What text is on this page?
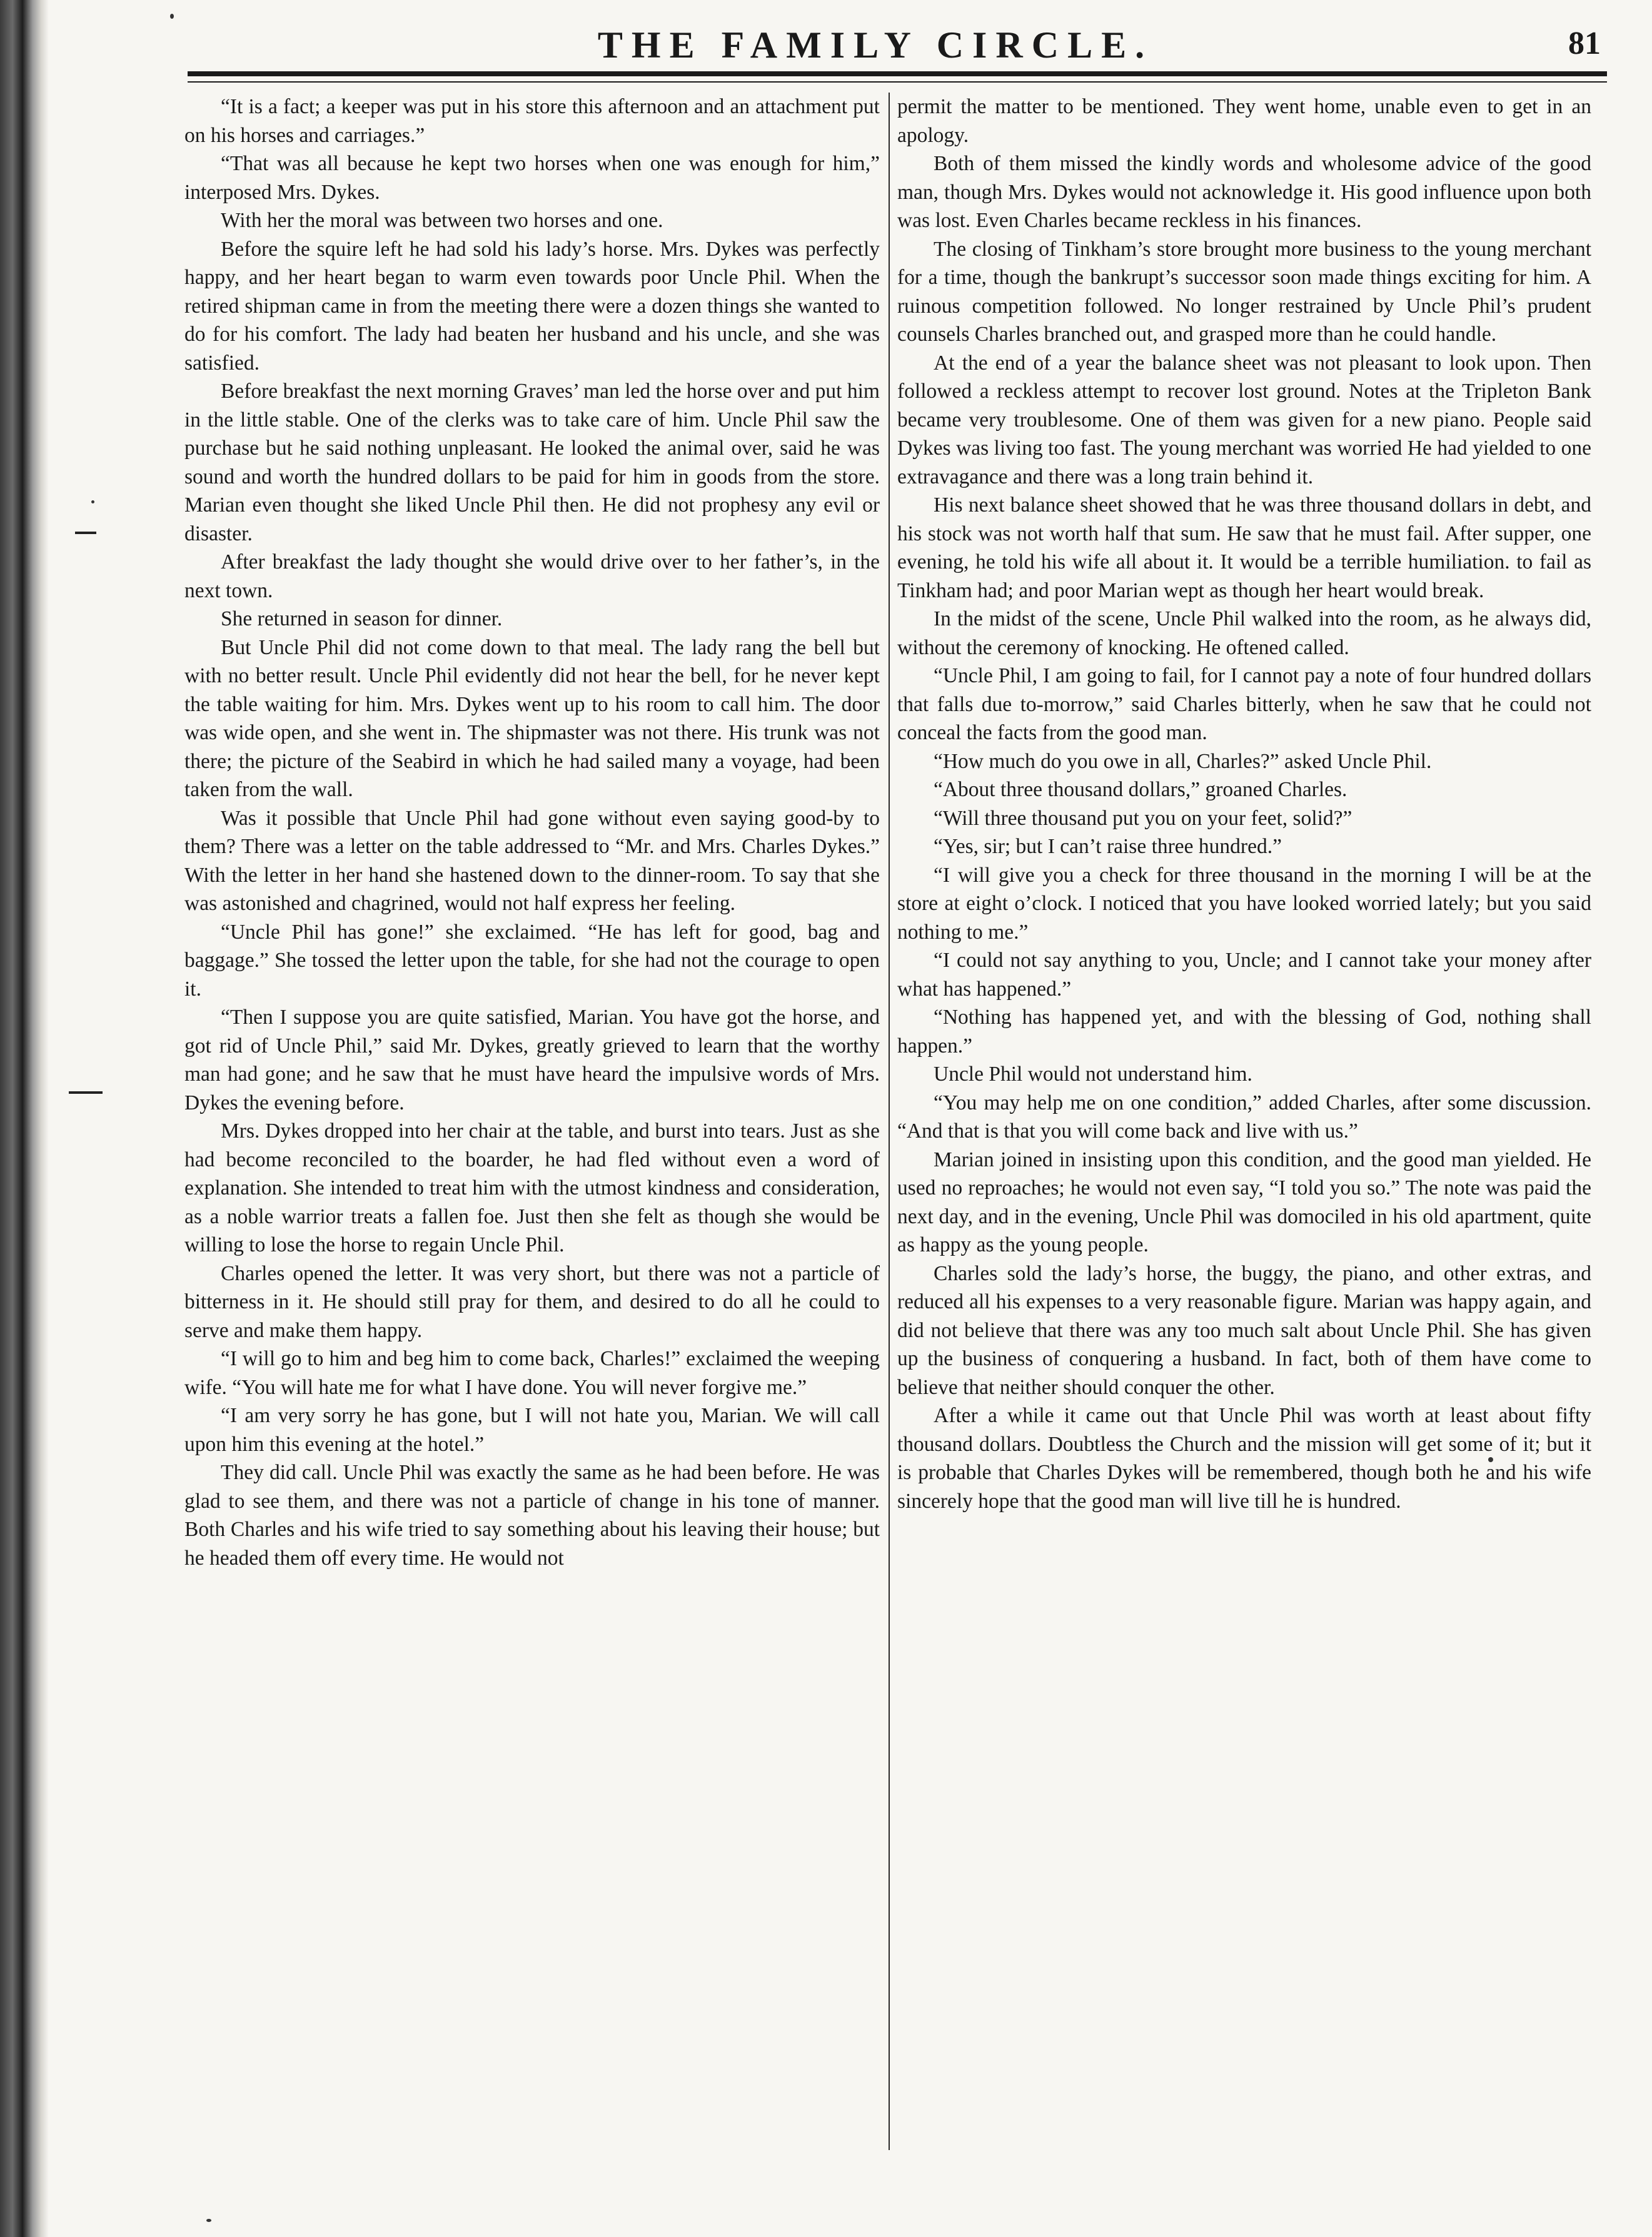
THE FAMILY CIRCLE.	81

“It is a fact; a keeper was put in his store this afternoon and an attachment put on his horses and carriages.”

“That was all because he kept two horses when one was enough for him,” interposed Mrs. Dykes.

With her the moral was between two horses and one.

Before the squire left he had sold his lady’s horse. Mrs. Dykes was perfectly happy, and her heart began to warm even towards poor Uncle Phil. When the retired shipman came in from the meeting there were a dozen things she wanted to do for his comfort. The lady had beaten her husband and his uncle, and she was satisfied.

Before breakfast the next morning Graves’ man led the horse over and put him in the little stable. One of the clerks was to take care of him. Uncle Phil saw the purchase but he said nothing unpleasant. He looked the animal over, said he was sound and worth the hundred dollars to be paid for him in goods from the store. Marian even thought she liked Uncle Phil then. He did not prophesy any evil or disaster.

After breakfast the lady thought she would drive over to her father’s, in the next town.

She returned in season for dinner.

But Uncle Phil did not come down to that meal. The lady rang the bell but with no better result. Uncle Phil evidently did not hear the bell, for he never kept the table waiting for him. Mrs. Dykes went up to his room to call him. The door was wide open, and she went in. The shipmaster was not there. His trunk was not there; the picture of the Seabird in which he had sailed many a voyage, had been taken from the wall.

Was it possible that Uncle Phil had gone without even saying good-by to them? There was a letter on the table addressed to “Mr. and Mrs. Charles Dykes.” With the letter in her hand she hastened down to the dinner-room. To say that she was astonished and chagrined, would not half express her feeling.

“Uncle Phil has gone!” she exclaimed. “He has left for good, bag and baggage.” She tossed the letter upon the table, for she had not the courage to open it.

“Then I suppose you are quite satisfied, Marian. You have got the horse, and got rid of Uncle Phil,” said Mr. Dykes, greatly grieved to learn that the worthy man had gone; and he saw that he must have heard the impulsive words of Mrs. Dykes the evening before.

Mrs. Dykes dropped into her chair at the table, and burst into tears. Just as she had become reconciled to the boarder, he had fled without even a word of explanation. She intended to treat him with the utmost kindness and consideration, as a noble warrior treats a fallen foe. Just then she felt as though she would be willing to lose the horse to regain Uncle Phil.

Charles opened the letter. It was very short, but there was not a particle of bitterness in it. He should still pray for them, and desired to do all he could to serve and make them happy.

“I will go to him and beg him to come back, Charles!” exclaimed the weeping wife. “You will hate me for what I have done. You will never forgive me.”

“I am very sorry he has gone, but I will not hate you, Marian. We will call upon him this evening at the hotel.”

They did call. Uncle Phil was exactly the same as he had been before. He was glad to see them, and there was not a particle of change in his tone of manner. Both Charles and his wife tried to say something about his leaving their house; but he headed them off every time. He would not

permit the matter to be mentioned. They went home, unable even to get in an apology.

Both of them missed the kindly words and wholesome advice of the good man, though Mrs. Dykes would not acknowledge it. His good influence upon both was lost. Even Charles became reckless in his finances.

The closing of Tinkham’s store brought more business to the young merchant for a time, though the bankrupt’s successor soon made things exciting for him. A ruinous competition followed. No longer restrained by Uncle Phil’s prudent counsels Charles branched out, and grasped more than he could handle.

At the end of a year the balance sheet was not pleasant to look upon. Then followed a reckless attempt to recover lost ground. Notes at the Tripleton Bank became very troublesome. One of them was given for a new piano. People said Dykes was living too fast. The young merchant was worried He had yielded to one extravagance and there was a long train behind it.

His next balance sheet showed that he was three thousand dollars in debt, and his stock was not worth half that sum. He saw that he must fail. After supper, one evening, he told his wife all about it. It would be a terrible humiliation. to fail as Tinkham had; and poor Marian wept as though her heart would break.

In the midst of the scene, Uncle Phil walked into the room, as he always did, without the ceremony of knocking. He oftened called.

“Uncle Phil, I am going to fail, for I cannot pay a note of four hundred dollars that falls due to-morrow,” said Charles bitterly, when he saw that he could not conceal the facts from the good man.

“How much do you owe in all, Charles?” asked Uncle Phil.

“About three thousand dollars,” groaned Charles.

“Will three thousand put you on your feet, solid?”

“Yes, sir; but I can’t raise three hundred.”

“I will give you a check for three thousand in the morning I will be at the store at eight o’clock. I noticed that you have looked worried lately; but you said nothing to me.”

“I could not say anything to you, Uncle; and I cannot take your money after what has happened.”

“Nothing has happened yet, and with the blessing of God, nothing shall happen.”

Uncle Phil would not understand him.

“You may help me on one condition,” added Charles, after some discussion. “And that is that you will come back and live with us.”

Marian joined in insisting upon this condition, and the good man yielded. He used no reproaches; he would not even say, “I told you so.” The note was paid the next day, and in the evening, Uncle Phil was domociled in his old apartment, quite as happy as the young people.

Charles sold the lady’s horse, the buggy, the piano, and other extras, and reduced all his expenses to a very reasonable figure. Marian was happy again, and did not believe that there was any too much salt about Uncle Phil. She has given up the business of conquering a husband. In fact, both of them have come to believe that neither should conquer the other.

After a while it came out that Uncle Phil was worth at least about fifty thousand dollars. Doubtless the Church and the mission will get some of it; but it is probable that Charles Dykes will be remembered, though both he and his wife sincerely hope that the good man will live till he is hundred.
